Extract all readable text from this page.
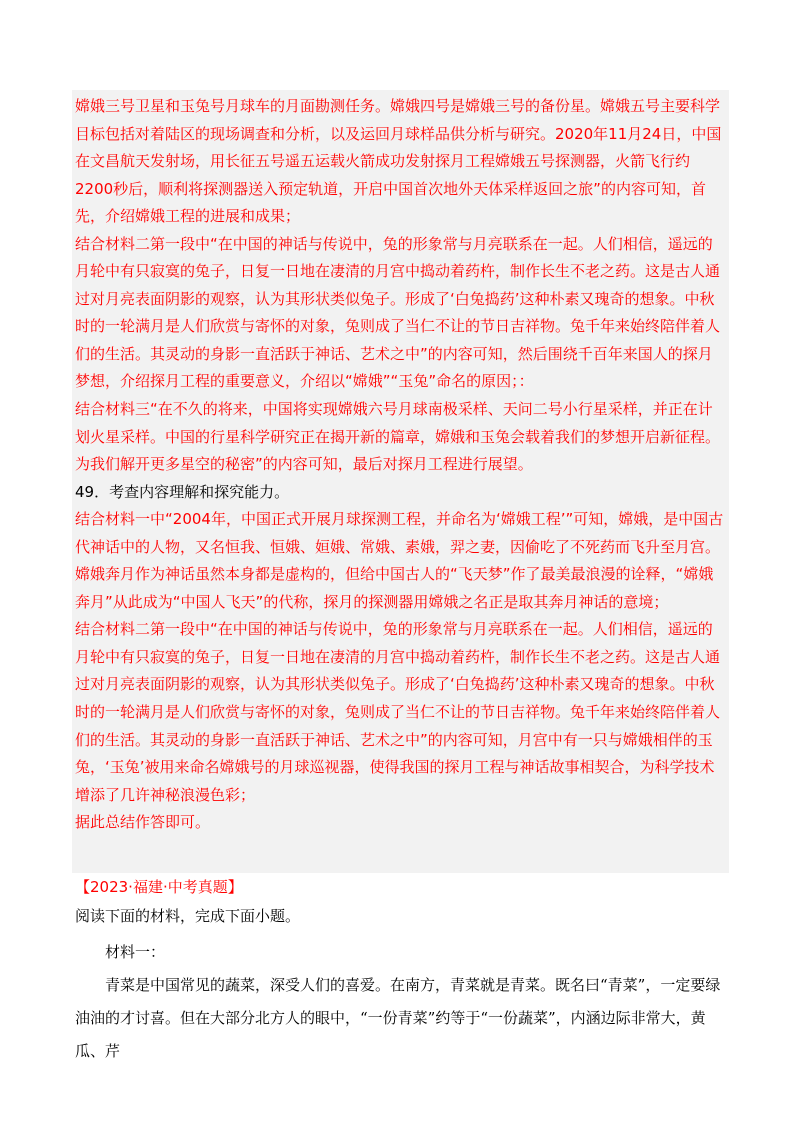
嫦娥三号卫星和玉兔号月球车的月面勘测任务。嫦娥四号是嫦娥三号的备份星。嫦娥五号主要科学目标包括对着陆区的现场调查和分析，以及运回月球样品供分析与研究。2020年11月24日，中国在文昌航天发射场，用长征五号遥五运载火箭成功发射探月工程嫦娥五号探测器，火箭飞行约2200秒后，顺利将探测器送入预定轨道，开启中国首次地外天体采样返回之旅”的内容可知，首先，介绍嫦娥工程的进展和成果；

结合材料二第一段中“在中国的神话与传说中，兔的形象常与月亮联系在一起。人们相信，遥远的月轮中有只寂寞的兔子，日复一日地在凄清的月宫中捣动着药杵，制作长生不老之药。这是古人通过对月亮表面阴影的观察，认为其形状类似兔子。形成了‘白兔捣药’这种朴素又瑰奇的想象。中秋时的一轮满月是人们欣赏与寄怀的对象，兔则成了当仁不让的节日吉祥物。兔千年来始终陪伴着人们的生活。其灵动的身影一直活跃于神话、艺术之中”的内容可知，然后围绕千百年来国人的探月梦想，介绍探月工程的重要意义，介绍以“嫦娥”“玉兔”命名的原因；：

结合材料三“在不久的将来，中国将实现嫦娥六号月球南极采样、天问二号小行星采样，并正在计划火星采样。中国的行星科学研究正在揭开新的篇章，嫦娥和玉兔会载着我们的梦想开启新征程。为我们解开更多星空的秘密”的内容可知，最后对探月工程进行展望。

49．考查内容理解和探究能力。

结合材料一中“2004年，中国正式开展月球探测工程，并命名为‘嫦娥工程’”可知，嫦娥，是中国古代神话中的人物，又名恒我、恒娥、姮娥、常娥、素娥，羿之妻，因偷吃了不死药而飞升至月宫。嫦娥奔月作为神话虽然本身都是虚构的，但给中国古人的“飞天梦”作了最美最浪漫的诠释，“嫦娥奔月”从此成为“中国人飞天”的代称，探月的探测器用嫦娥之名正是取其奔月神话的意境；

结合材料二第一段中“在中国的神话与传说中，兔的形象常与月亮联系在一起。人们相信，遥远的月轮中有只寂寞的兔子，日复一日地在凄清的月宫中捣动着药杵，制作长生不老之药。这是古人通过对月亮表面阴影的观察，认为其形状类似兔子。形成了‘白兔捣药’这种朴素又瑰奇的想象。中秋时的一轮满月是人们欣赏与寄怀的对象，兔则成了当仁不让的节日吉祥物。兔千年来始终陪伴着人们的生活。其灵动的身影一直活跃于神话、艺术之中”的内容可知，月宫中有一只与嫦娥相伴的玉兔，‘玉兔’被用来命名嫦娥号的月球巡视器，使得我国的探月工程与神话故事相契合，为科学技术增添了几许神秘浪漫色彩；

据此总结作答即可。

【2023·福建·中考真题】

阅读下面的材料，完成下面小题。

材料一：

青菜是中国常见的蔬菜，深受人们的喜爱。在南方，青菜就是青菜。既名曰“青菜”，一定要绿油油的才讨喜。但在大部分北方人的眼中，“一份青菜”约等于“一份蔬菜”，内涵边际非常大，黄瓜、芹
